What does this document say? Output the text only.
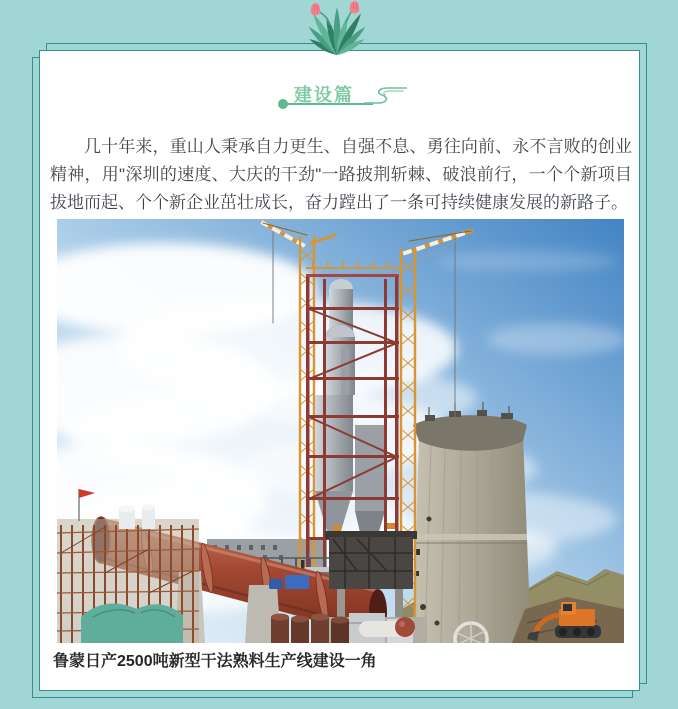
建设篇

几十年来，重山人秉承自力更生、自强不息、勇往向前、永不言败的创业精神，用"深圳的速度、大庆的干劲"一路披荆斩棘、破浪前行，一个个新项目拔地而起、个个新企业茁壮成长，奋力蹚出了一条可持续健康发展的新路子。

鲁蒙日产2500吨新型干法熟料生产线建设一角
